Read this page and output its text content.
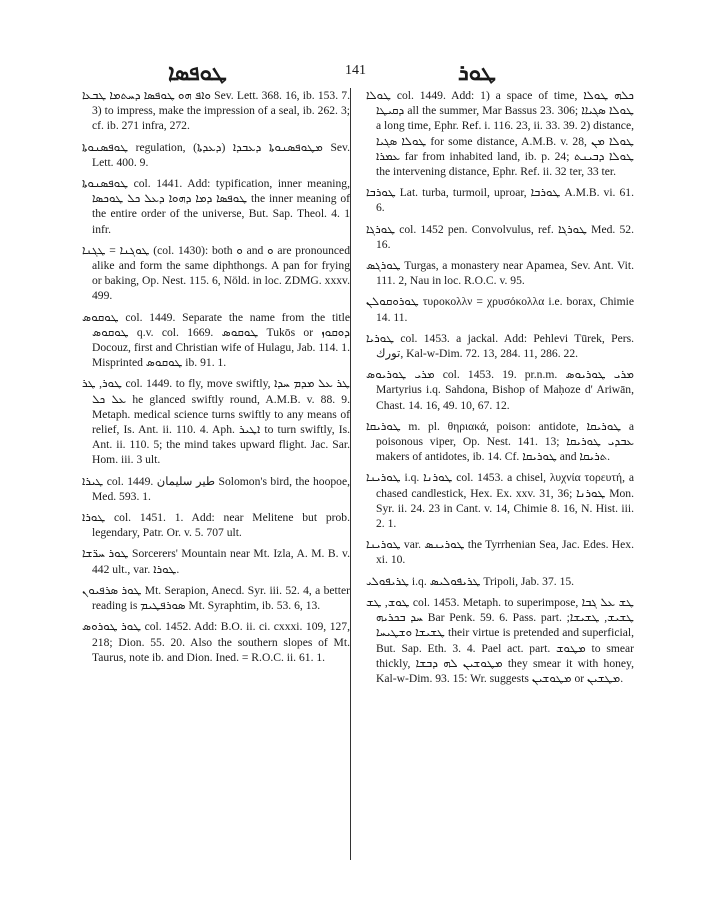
ܛܘܦܣܐ	141	ܛܘܪ

ܘܐܦ ܗܘ ܛܘܦܣܐ ܕܚܬܡܐ ܛܒܥܐ Sev. Lett. 368. 16, ib. 153. 7. 3) to impress, make the impression of a seal, ib. 262. 3; cf. ib. 271 infra, 272.

ܛܘܦܣܢܘܬܐ regulation, ܡܛܘܦܣܢܘܬܐ ܕܥܒܕܐ (ܕܥܕܬܐ) Sev. Lett. 400. 9.

ܛܘܦܣܢܘܬܐ col. 1441. Add: typification, inner meaning, ܛܘܦܣܐ ܕܡܐ ܕܗܘܐ ܕܥܠ ܟܠ ܛܘܟܣܐ the inner meaning of the entire order of the universe, But. Sap. Theol. 4. 1 infr.

ܛܘܓܢܐ = ܛܓܢܐ (col. 1430): both ܘ and ܘ are pronounced alike and form the same diphthongs. A pan for frying or baking, Op. Nest. 115. 6, Nöld. in loc. ZDMG. xxxv. 499.

ܛܘܩܘܣ col. 1449. Separate the name from the title ܛܘܩܘܣ q.v. col. 1669. ܛܘܩܘܣ Tukōs or ܕܘܩܘܙ Docouz, first and Christian wife of Hulagu, Jab. 114. 1. Misprinted ܛܘܩܘܣ ib. 91. 1.

ܛܘܪ, ܛܪ col. 1449. to fly, move swiftly, ܛܪ ܥܠ ܡܕܡ ܚܕܐ ܥܠ ܟܠ he glanced swiftly round, A.M.B. v. 88. 9. Metaph. medical science turns swiftly to any means of relief, Is. Ant. ii. 110. 4. Aph. ܐܛܝܪ to turn swiftly, Is. Ant. ii. 110. 5; the mind takes upward flight. Jac. Sar. Hom. iii. 3 ult.

ܛܝܪܐ col. 1449. طير سليمان Solomon's bird, the hoopoe, Med. 593. 1.

ܛܘܪܐ col. 1451. 1. Add: near Melitene but prob. legendary, Patr. Or. v. 5. 707 ult.

ܛܘܪ ܚܪ̈ܫܐ Sorcerers' Mountain near Mt. Izla, A. M. B. v. 442 ult., var. ܛܘܪܐ.

ܛܘܪ ܣܪܦܝܘܢ Mt. Serapion, Anecd. Syr. iii. 52. 4, a better reading is ܣܘܪܦܛܝܡ Mt. Syraphtim, ib. 53. 6, 13.

ܛܘܪ ܛܘܪܘܣ col. 1452. Add: B.O. ii. ci. cxxxi. 109, 127, 218; Dion. 55. 20. Also the southern slopes of Mt. Taurus, note ib. and Dion. Ined. = R.O.C. ii. 61. 1.

ܛܘܠܐ col. 1449. Add: 1) a space of time, ܟܠܗ ܛܘܠܐ ܕܩܝܛܐ all the summer, Mar Bassus 23. 306; ܛܘܠܐ ܣܓܝܐܐ a long time, Ephr. Ref. i. 116. 23, ii. 33. 39. 2) distance, ܛܘܠܐ ܣܓܝܐ for some distance, A.M.B. v. 28, ܛܘܠܐ ܡܢ ܥܡܪܐ far from inhabited land, ib. p. 24; ܛܘܠܐ ܕܒܝܢܬ the intervening distance, Ephr. Ref. ii. 32 ter, 33 ter.

ܛܘܪܒܐ Lat. turba, turmoil, uproar, ܛܘܪܒܐ A.M.B. vi. 61. 6.

ܛܘܪܓܐ col. 1452 pen. Convolvulus, ref. ܛܘܪܓܐ Med. 52. 16.

ܛܘܪܓܣ Turgas, a monastery near Apamea, Sev. Ant. Vit. 111. 2, Nau in loc. R.O.C. v. 95.

ܛܘܪܘܩܘܠܢ τυροκολλν = χρυσόκολλα i.e. borax, Chimie 14. 11.

ܛܘܪܝܐ col. 1453. a jackal. Add: Pehlevi Tūrek, Pers. تورك, Kal-w-Dim. 72. 13, 284. 11, 286. 22.

ܡܪܝ ܛܘܪܝܘܣ col. 1453. 19. pr.n.m. ܡܪܝ ܛܘܪܝܘܣ Martyrius i.q. Sahdona, Bishop of Maḥoze d' Ariwān, Chast. 14. 16, 49. 10, 67. 12.

ܛܘܪܝܩܐ m. pl. θηριακά, poison: antidote, ܛܘܪܝܩܐ a poisonous viper, Op. Nest. 141. 13; ܥܒܕܝ ܛܘܪܝܩܐ makers of antidotes, ib. 14. Cf. ܛܘܪܝܩܐ and ܬܪܝܩܐ.

ܛܘܪܝܢܐ i.q. ܛܘܪܢܐ col. 1453. a chisel, λυχνία τορευτή, a chased candlestick, Hex. Ex. xxv. 31, 36; ܛܘܪܢܐ Mon. Syr. ii. 24. 23 in Cant. v. 14, Chimie 8. 16, N. Hist. iii. 2. 1.

ܛܘܪܝܢܐ var. ܛܘܪܝܢܣ the Tyrrhenian Sea, Jac. Edes. Hex. xi. 10.

ܛܪܝܦܘܠܝ i.q. ܛܪܝܦܘܠܝܣ Tripoli, Jab. 37. 15.

ܛܘܫ, ܛܫ col. 1453. Metaph. to superimpose, ܛܫ ܥܠ ܓܒܐ ܚܕ ܒܟܪܝܗ Bar Penk. 59. 6. Pass. part. ܛܫܝܫ, ܛܫܝܫܐ; ܛܫܝܫܐ ܘܫܛܝܚܐ their virtue is pretended and superficial, But. Sap. Eth. 3. 4. Pael act. part. ܡܛܘܫ to smear thickly, ܡܛܘܫܝܢ ܠܗ ܕܒܫܐ they smear it with honey, Kal-w-Dim. 93. 15: Wr. suggests ܡܛܘܫܝܢ or ܡܛܫܝܢ.
